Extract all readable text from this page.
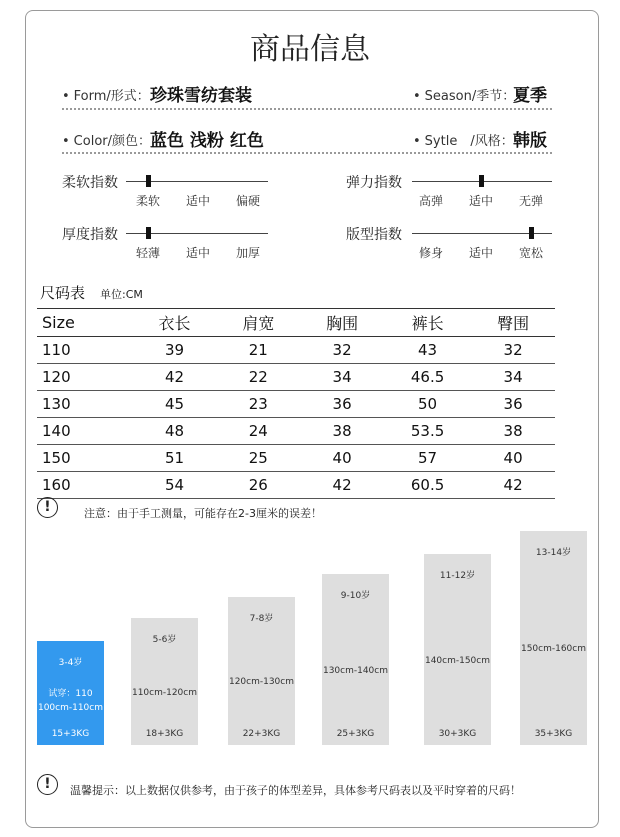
商品信息
• Form/形式： 珍珠雪纺套装	• Season/季节：
夏季
• Color/颜色： 蓝色 浅粉 红色	• Sytle　/风格： 韩版
柔软指数
柔软 适中 偏硬
弹力指数
高弹 适中 无弹
厚度指数
轻薄 适中 加厚
版型指数
修身 适中 宽松
尺码表 单位:CM
Size	衣长	肩宽	胸围	裤长	臀围
110	39	21	32	43	32
120	42	22	34	46.5	34
130	45	23	36	50	36
140	48	24	38	53.5	38
150	51	25	40	57	40
160	54	26	42	60.5	42
!	注意：由于手工测量，可能存在2-3厘米的误差！
3-4岁
试穿：110
100cm-110cm
15+3KG
5-6岁
110cm-120cm
18+3KG
7-8岁
120cm-130cm
22+3KG
9-10岁
130cm-140cm
25+3KG
11-12岁
140cm-150cm
30+3KG
13-14岁
150cm-160cm
35+3KG
!	温馨提示：以上数据仅供参考，由于孩子的体型差异，具体参考尺码表以及平时穿着的尺码！
